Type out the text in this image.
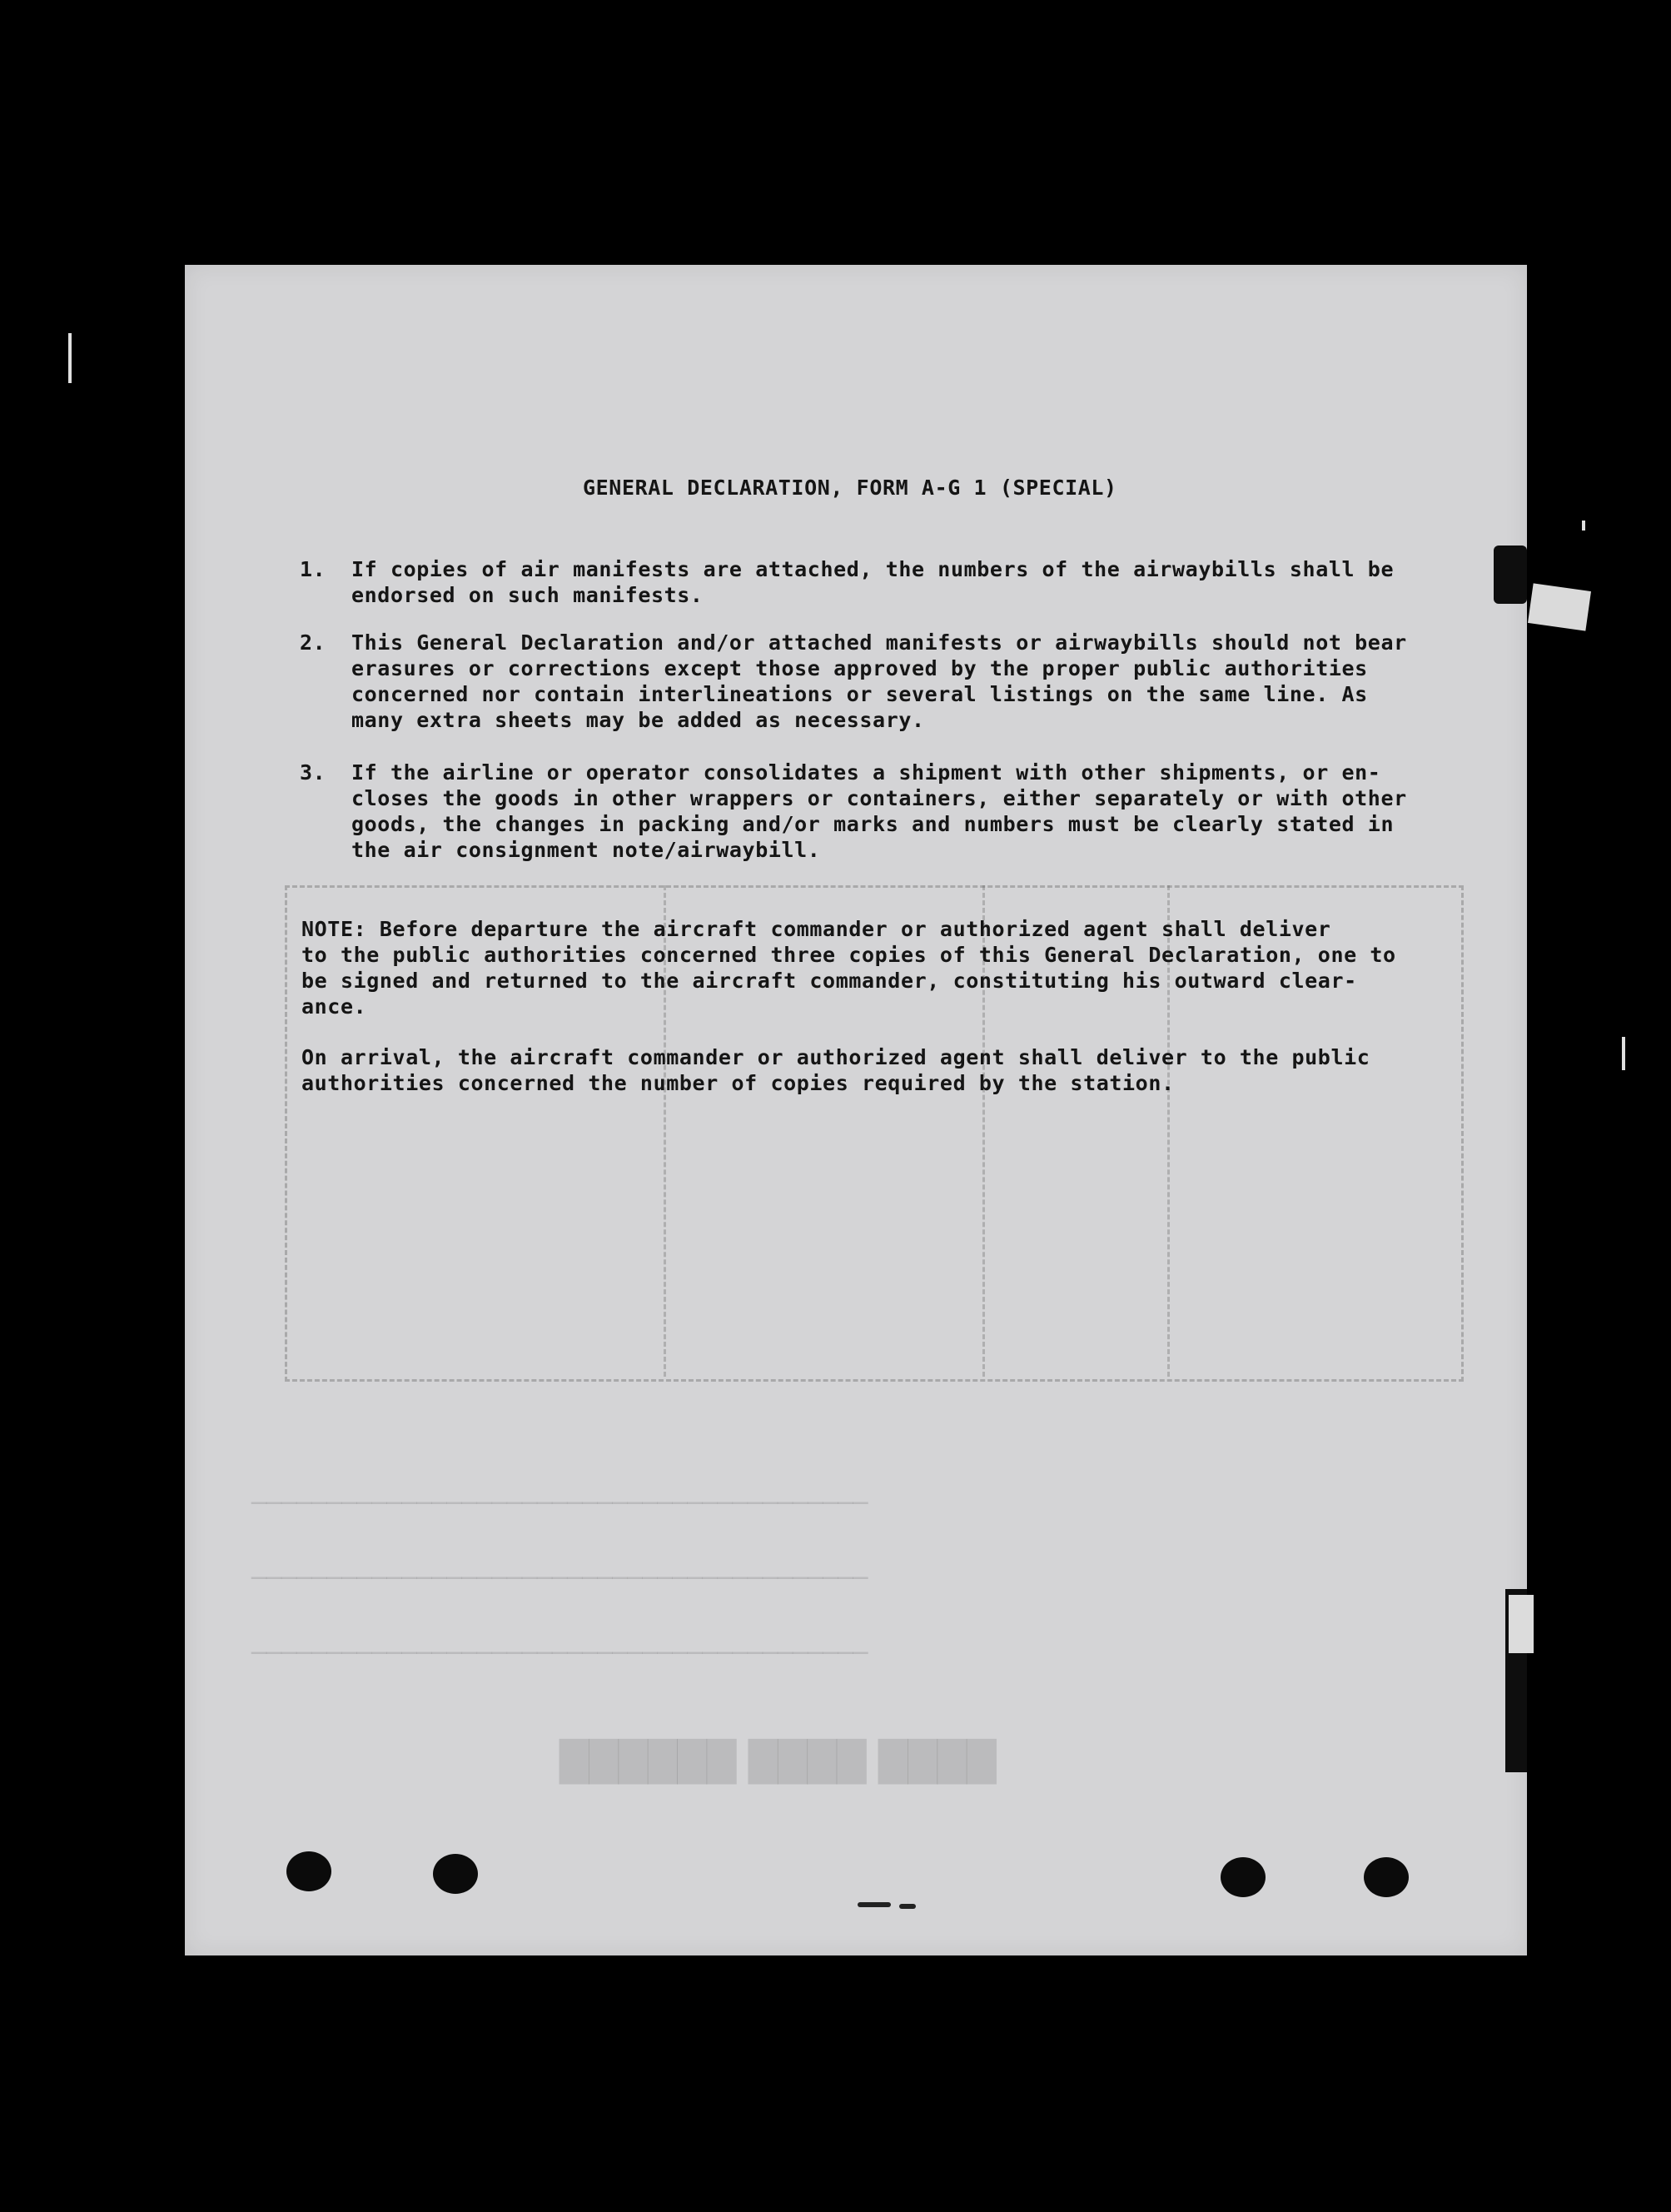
████ ████ ██████
─────────────────────────────────────────
─────────────────────────────────────────
─────────────────────────────────────────

GENERAL DECLARATION, FORM A-G 1 (SPECIAL)

1.	If copies of air manifests are attached, the numbers of the airwaybills shall be
endorsed on such manifests.
2.	This General Declaration and/or attached manifests or airwaybills should not bear
erasures or corrections except those approved by the proper public authorities
concerned nor contain interlineations or several listings on the same line. As
many extra sheets may be added as necessary.
3.	If the airline or operator consolidates a shipment with other shipments, or en-
closes the goods in other wrappers or containers, either separately or with other
goods, the changes in packing and/or marks and numbers must be clearly stated in
the air consignment note/airwaybill.
NOTE: Before departure the aircraft commander or authorized agent shall deliver
to the public authorities concerned three copies of this General Declaration, one to
be signed and returned to the aircraft commander, constituting his outward clear-
ance.
On arrival, the aircraft commander or authorized agent shall deliver to the public
authorities concerned the number of copies required by the station.
